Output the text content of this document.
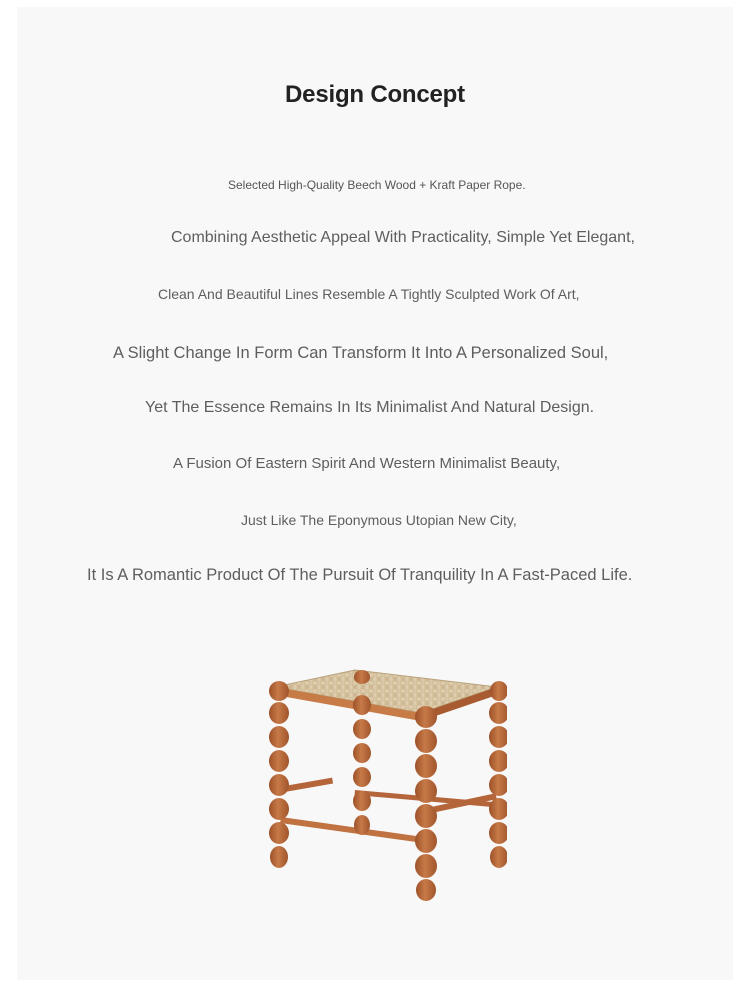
Design Concept
Selected High-Quality Beech Wood + Kraft Paper Rope.
Combining Aesthetic Appeal With Practicality, Simple Yet Elegant,
Clean And Beautiful Lines Resemble A Tightly Sculpted Work Of Art,
A Slight Change In Form Can Transform It Into A Personalized Soul,
Yet The Essence Remains In Its Minimalist And Natural Design.
A Fusion Of Eastern Spirit And Western Minimalist Beauty,
Just Like The Eponymous Utopian New City,
It Is A Romantic Product Of The Pursuit Of Tranquility In A Fast-Paced Life.
